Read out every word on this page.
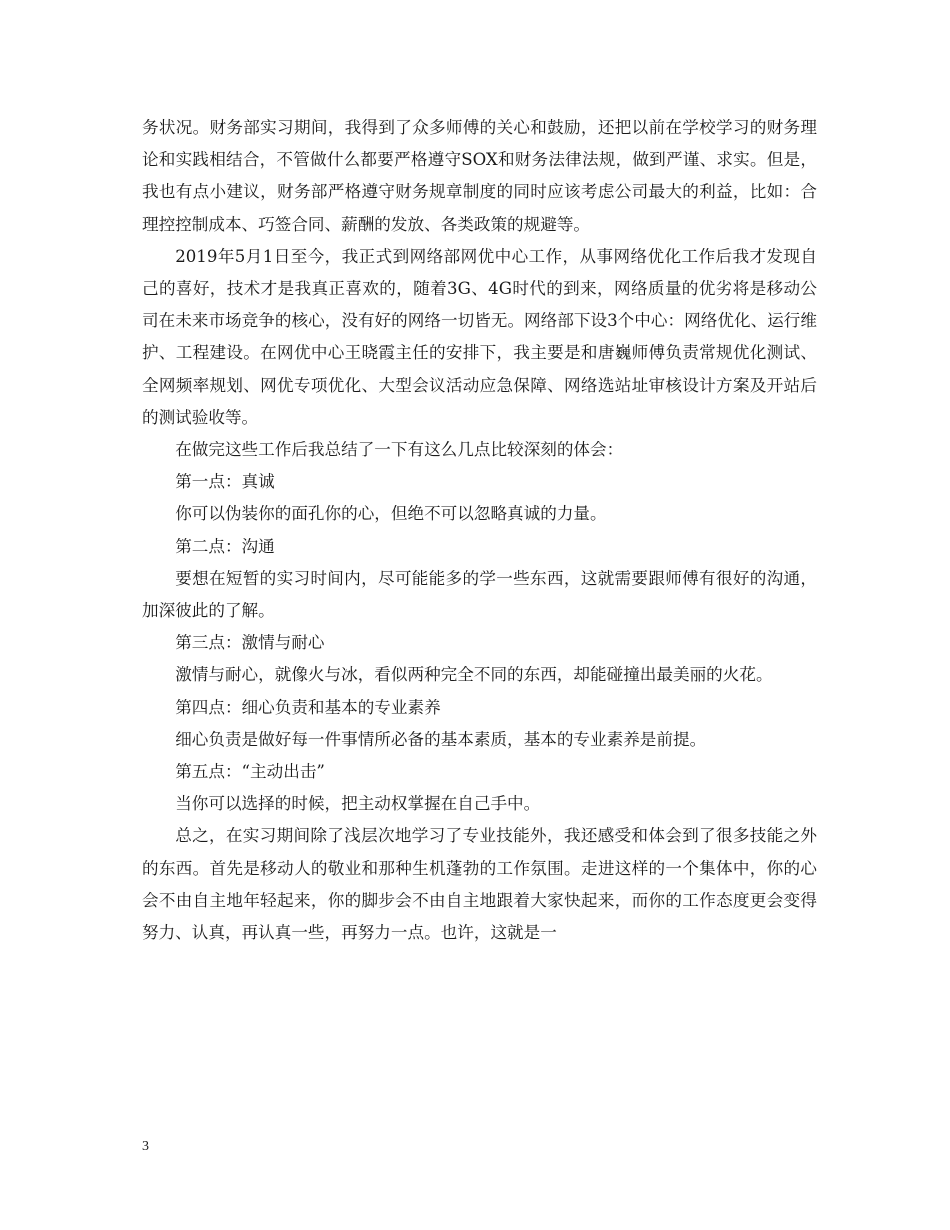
务状况。财务部实习期间，我得到了众多师傅的关心和鼓励，还把以前在学校学习的财务理论和实践相结合，不管做什么都要严格遵守SOX和财务法律法规，做到严谨、求实。但是，我也有点小建议，财务部严格遵守财务规章制度的同时应该考虑公司最大的利益，比如：合理控控制成本、巧签合同、薪酬的发放、各类政策的规避等。

2019年5月1日至今，我正式到网络部网优中心工作，从事网络优化工作后我才发现自己的喜好，技术才是我真正喜欢的，随着3G、4G时代的到来，网络质量的优劣将是移动公司在未来市场竞争的核心，没有好的网络一切皆无。网络部下设3个中心：网络优化、运行维护、工程建设。在网优中心王晓霞主任的安排下，我主要是和唐巍师傅负责常规优化测试、全网频率规划、网优专项优化、大型会议活动应急保障、网络选站址审核设计方案及开站后的测试验收等。

在做完这些工作后我总结了一下有这么几点比较深刻的体会：

第一点：真诚

你可以伪装你的面孔你的心，但绝不可以忽略真诚的力量。

第二点：沟通

要想在短暂的实习时间内，尽可能能多的学一些东西，这就需要跟师傅有很好的沟通，加深彼此的了解。

第三点：激情与耐心

激情与耐心，就像火与冰，看似两种完全不同的东西，却能碰撞出最美丽的火花。

第四点：细心负责和基本的专业素养

细心负责是做好每一件事情所必备的基本素质，基本的专业素养是前提。

第五点：“主动出击”

当你可以选择的时候，把主动权掌握在自己手中。

总之，在实习期间除了浅层次地学习了专业技能外，我还感受和体会到了很多技能之外的东西。首先是移动人的敬业和那种生机蓬勃的工作氛围。走进这样的一个集体中，你的心会不由自主地年轻起来，你的脚步会不由自主地跟着大家快起来，而你的工作态度更会变得努力、认真，再认真一些，再努力一点。也许，这就是一

3
